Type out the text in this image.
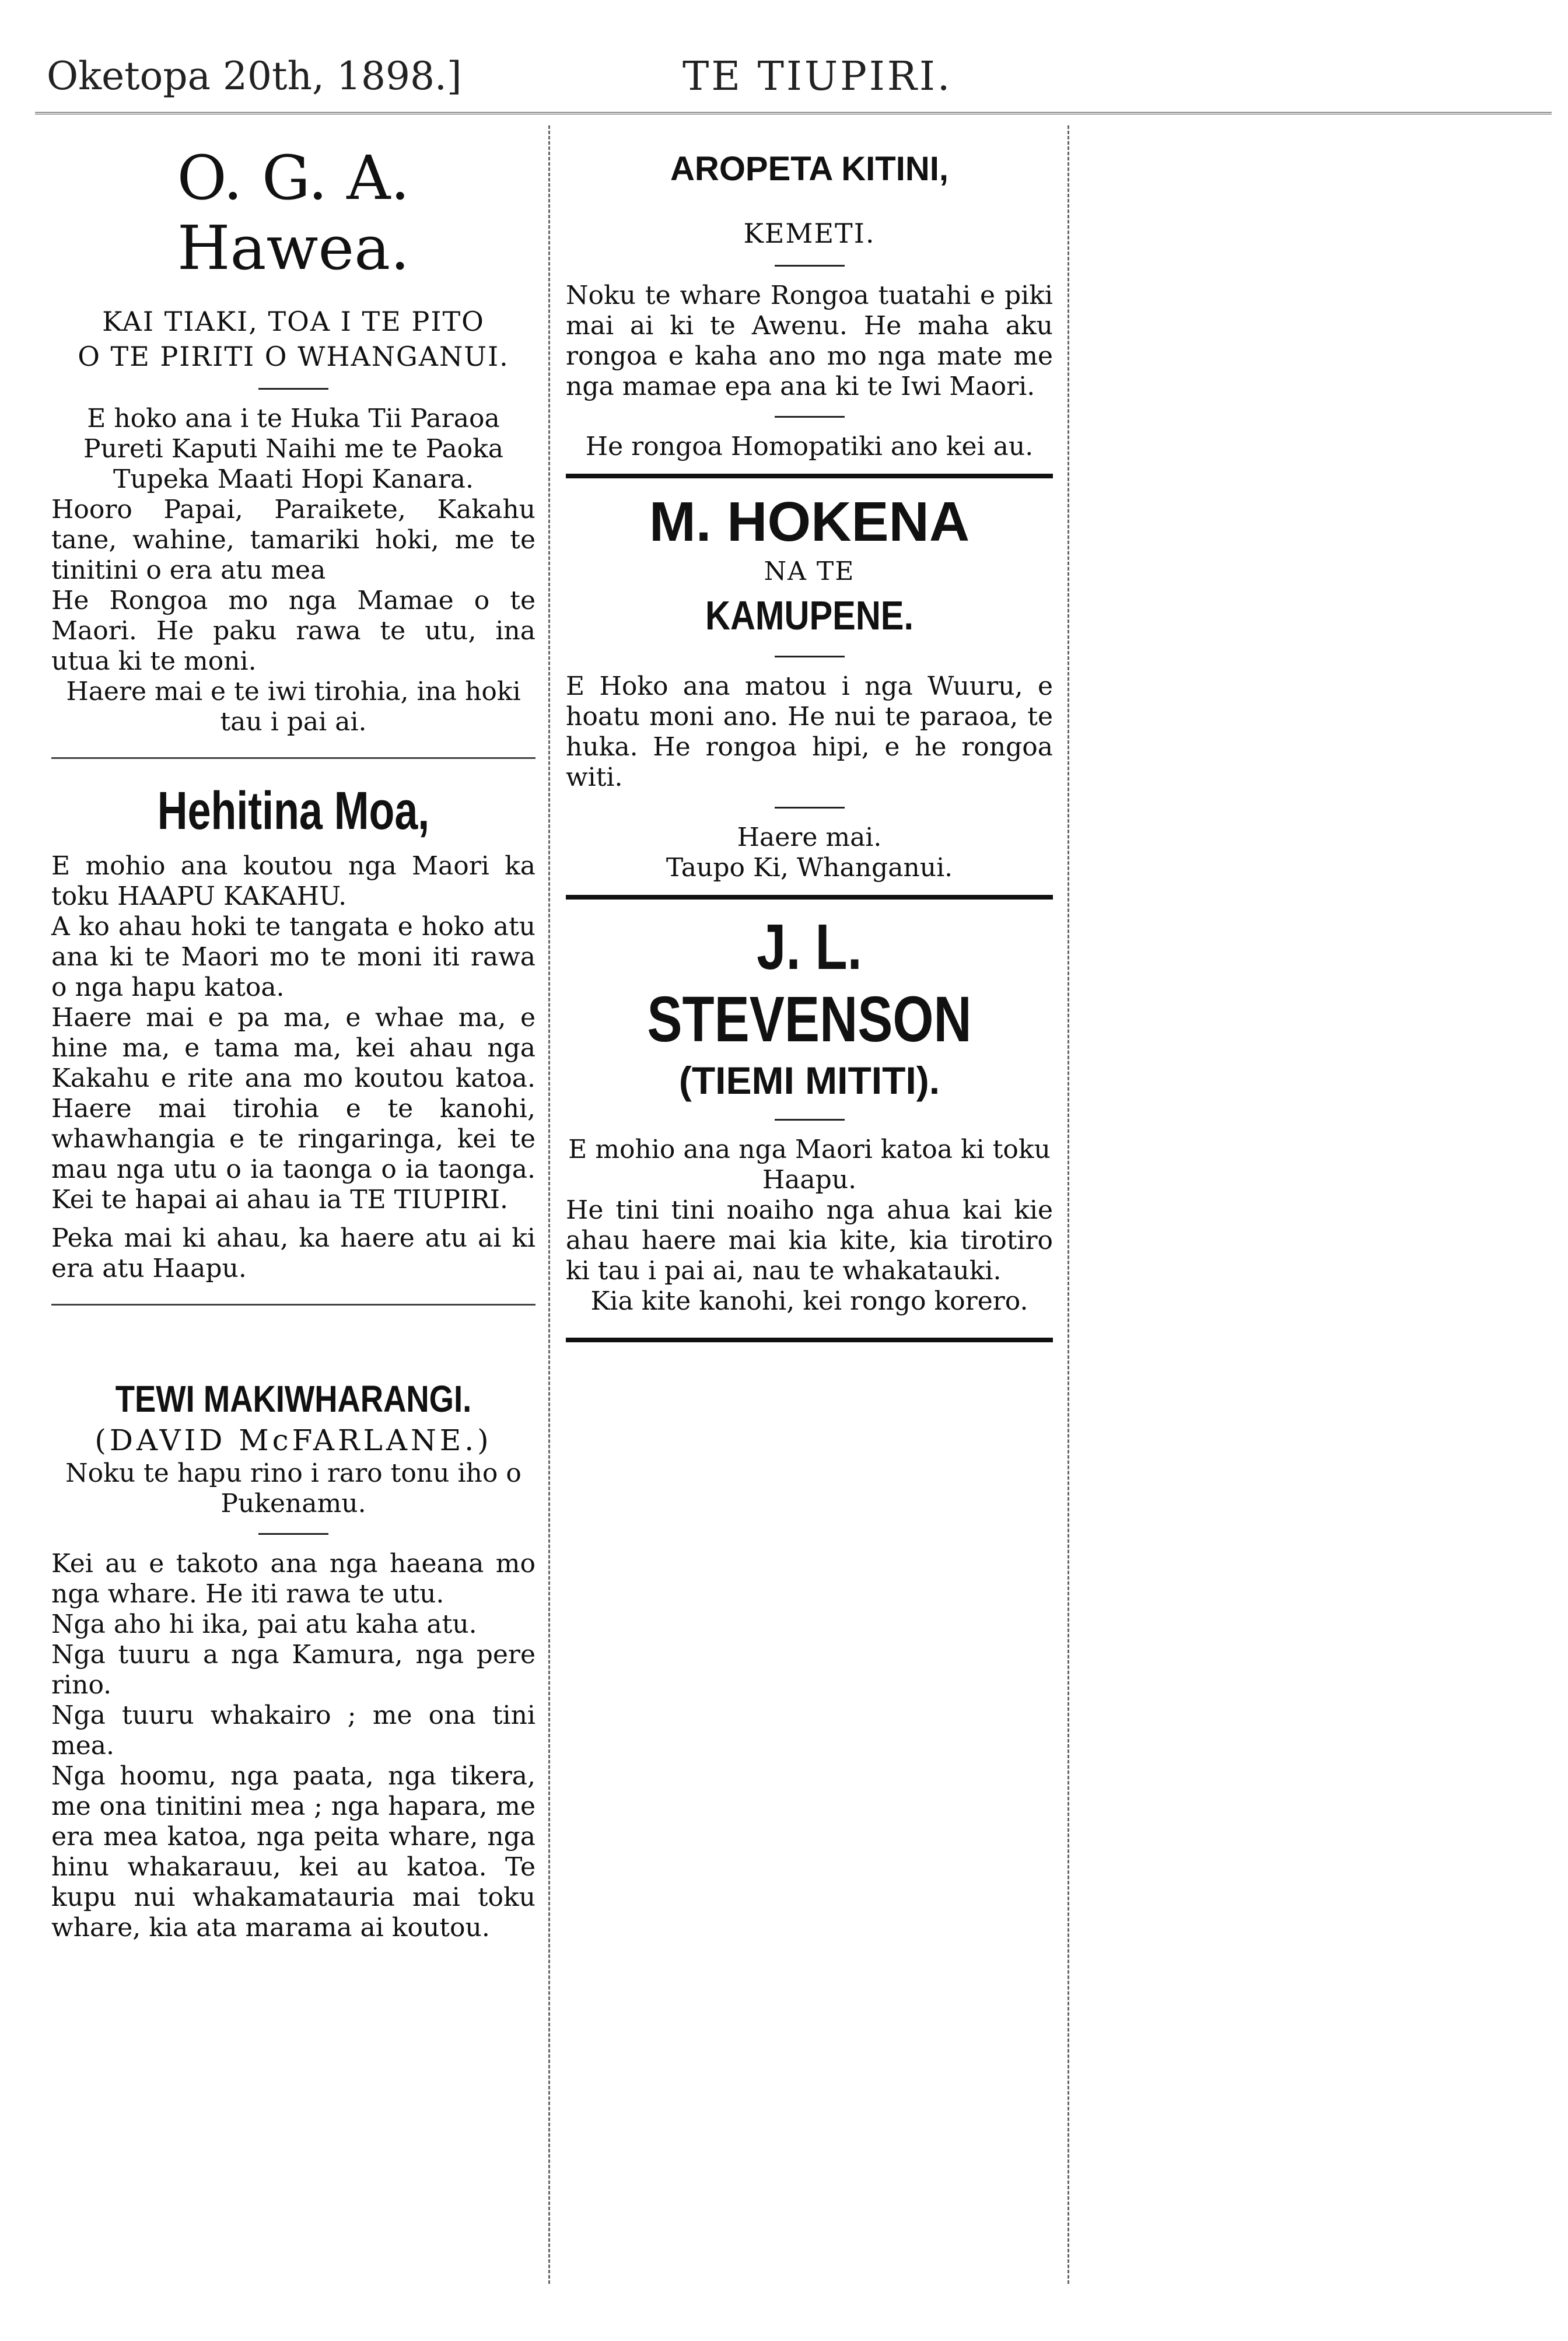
Oketopa 20th, 1898.]	TE TIUPIRI.
O. G. A. Hawea.
KAI TIAKI, TOA I TE PITO
O TE PIRITI O WHANGANUI.

E hoko ana i te Huka Tii Paraoa Pureti Kaputi Naihi me te Paoka Tupeka Maati Hopi Kanara.

Hooro Papai, Paraikete, Kakahu tane, wahine, tamariki hoki, me te tinitini o era atu mea

He Rongoa mo nga Mamae o te Maori. He paku rawa te utu, ina utua ki te moni.

Haere mai e te iwi tirohia, ina hoki tau i pai ai.

Hehitina Moa,

E mohio ana koutou nga Maori ka toku HAAPU KAKAHU.

A ko ahau hoki te tangata e hoko atu ana ki te Maori mo te moni iti rawa o nga hapu katoa.

Haere mai e pa ma, e whae ma, e hine ma, e tama ma, kei ahau nga Kakahu e rite ana mo koutou katoa. Haere mai tirohia e te kanohi, whawhangia e te ringaringa, kei te mau nga utu o ia taonga o ia taonga. Kei te hapai ai ahau ia TE TIUPIRI.

Peka mai ki ahau, ka haere atu ai ki era atu Haapu.

TEWI MAKIWHARANGI.
(DAVID McFARLANE.)

Noku te hapu rino i raro tonu iho o Pukenamu.

Kei au e takoto ana nga haeana mo nga whare. He iti rawa te utu.

Nga aho hi ika, pai atu kaha atu.

Nga tuuru a nga Kamura, nga pere rino.

Nga tuuru whakairo ; me ona tini mea.

Nga hoomu, nga paata, nga tikera, me ona tinitini mea ; nga hapara, me era mea katoa, nga peita whare, nga hinu whakarauu, kei au katoa. Te kupu nui whakamatauria mai toku whare, kia ata marama ai koutou.

AROPETA KITINI,
KEMETI.

Noku te whare Rongoa tuatahi e piki mai ai ki te Awenu. He maha aku rongoa e kaha ano mo nga mate me nga mamae epa ana ki te Iwi Maori.

He rongoa Homopatiki ano kei au.

M. HOKENA
NA TE
KAMUPENE.

E Hoko ana matou i nga Wuuru, e hoatu moni ano. He nui te paraoa, te huka. He rongoa hipi, e he rongoa witi.

Haere mai.

Taupo Ki, Whanganui.

J. L. STEVENSON
(TIEMI MITITI).

E mohio ana nga Maori katoa ki toku Haapu.

He tini tini noaiho nga ahua kai kie ahau haere mai kia kite, kia tirotiro ki tau i pai ai, nau te whakatauki.

Kia kite kanohi, kei rongo korero.
